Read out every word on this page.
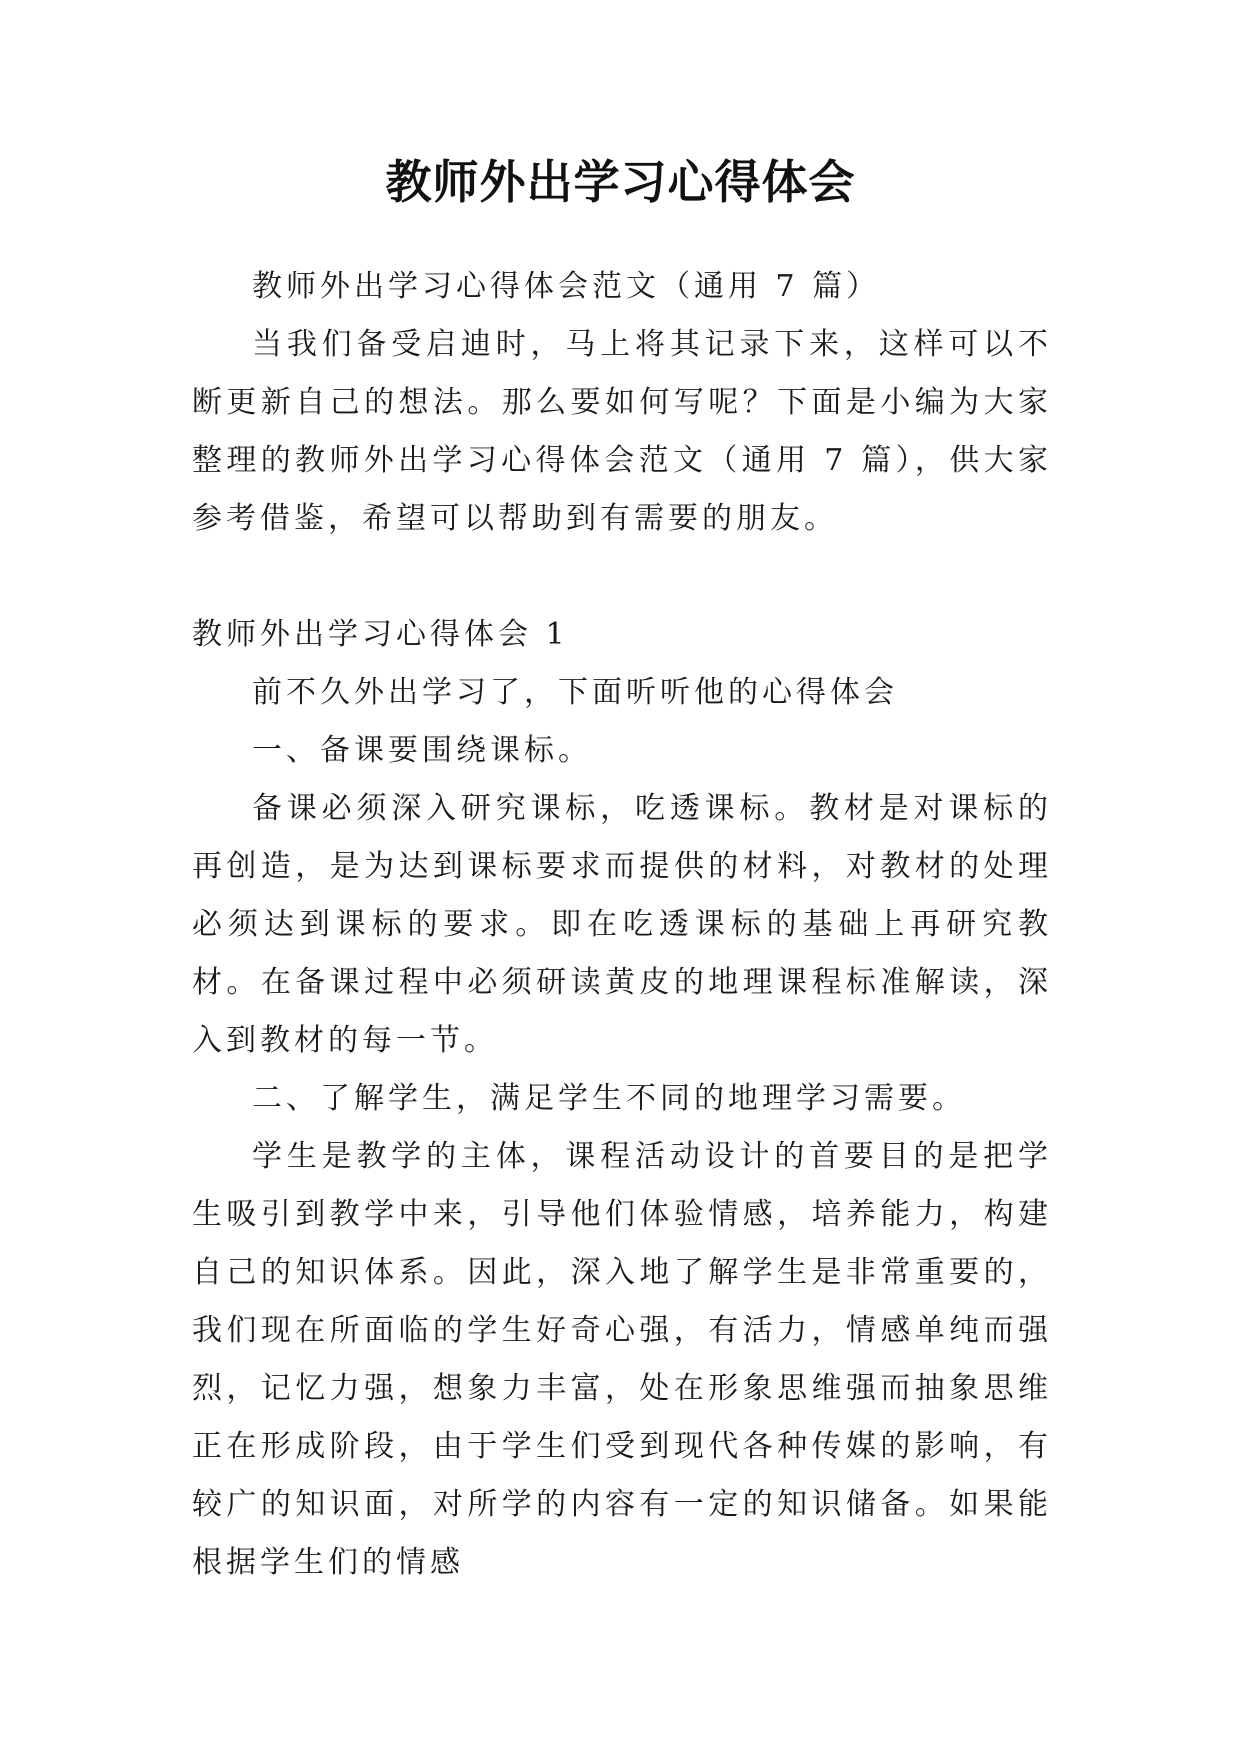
教师外出学习心得体会

教师外出学习心得体会范文（通用 7 篇）

当我们备受启迪时，马上将其记录下来，这样可以不断更新自己的想法。那么要如何写呢？下面是小编为大家整理的教师外出学习心得体会范文（通用 7 篇），供大家参考借鉴，希望可以帮助到有需要的朋友。

教师外出学习心得体会 1

前不久外出学习了，下面听听他的心得体会

一、备课要围绕课标。

备课必须深入研究课标，吃透课标。教材是对课标的再创造，是为达到课标要求而提供的材料，对教材的处理必须达到课标的要求。即在吃透课标的基础上再研究教材。在备课过程中必须研读黄皮的地理课程标准解读，深入到教材的每一节。

二、了解学生，满足学生不同的地理学习需要。

学生是教学的主体，课程活动设计的首要目的是把学生吸引到教学中来，引导他们体验情感，培养能力，构建自己的知识体系。因此，深入地了解学生是非常重要的，我们现在所面临的学生好奇心强，有活力，情感单纯而强烈，记忆力强，想象力丰富，处在形象思维强而抽象思维正在形成阶段，由于学生们受到现代各种传媒的影响，有较广的知识面，对所学的内容有一定的知识储备。如果能根据学生们的情感
